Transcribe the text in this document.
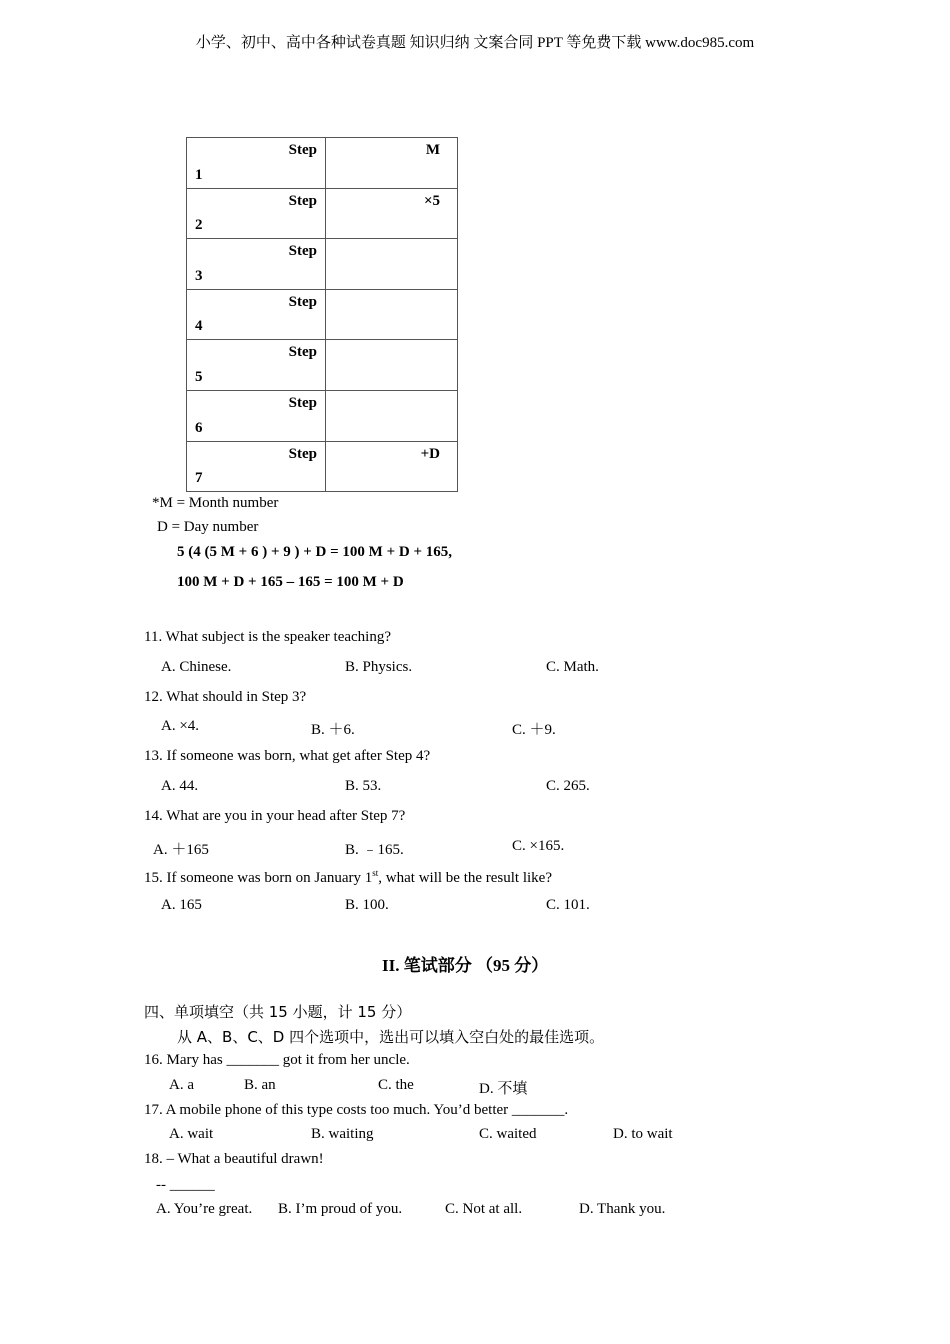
小学、初中、高中各种试卷真题 知识归纳 文案合同 PPT 等免费下载 www.doc985.com
Step
1	M

Step
2	×5

Step
3	

Step
4	

Step
5	

Step
6	

Step
7	+D
*M = Month number
D = Day number
5 (4 (5 M + 6 ) + 9 ) + D = 100 M + D + 165,
100 M + D + 165 – 165 = 100 M + D
11. What subject is the speaker teaching?
A. Chinese.	B. Physics.	C. Math.
12. What should in Step 3?
A. ×4.	B. ＋6.	C. ＋9.
13. If someone was born, what get after Step 4?
A. 44.	B. 53.	C. 265.
14. What are you in your head after Step 7?
A. ＋165	B. ﹣165.	C. ×165.
15. If someone was born on January 1st, what will be the result like?
A. 165	B. 100.	C. 101.
II. 笔试部分 （95 分）
四、单项填空（共 15 小题，计 15 分）
从 A、B、C、D 四个选项中，选出可以填入空白处的最佳选项。
16. Mary has _______ got it from her uncle.
A. a	B. an	C. the	D. 不填
17. A mobile phone of this type costs too much. You’d better _______.
A. wait	B. waiting	C. waited	D. to wait
18. – What a beautiful drawn!
-- ______
A. You’re great. B. I’m proud of you.	C. Not at all.	D. Thank you.
